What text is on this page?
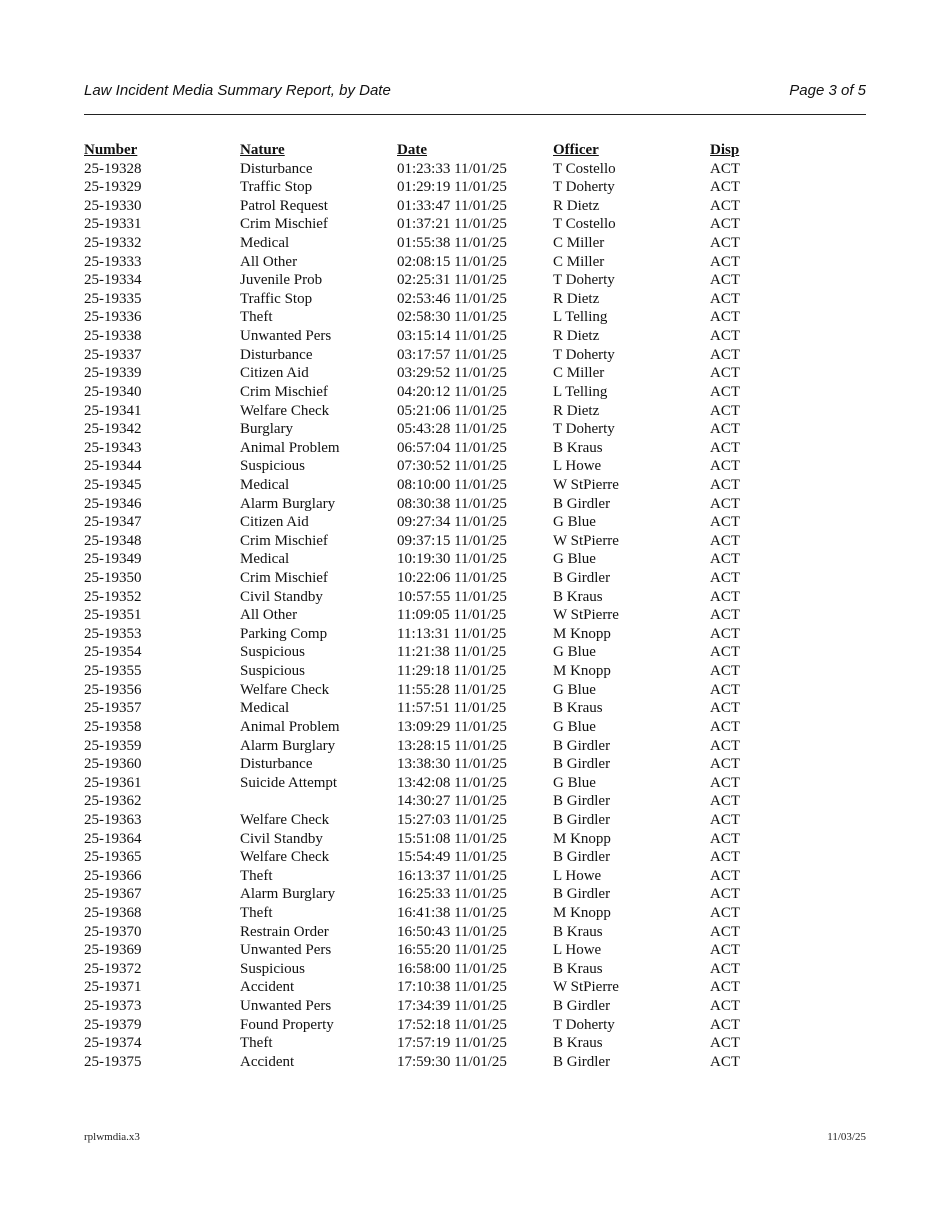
Law Incident Media Summary Report, by Date	Page 3 of 5
Number	Nature	Date	Officer	Disp
25-19328	Disturbance	01:23:33 11/01/25	T Costello	ACT
25-19329	Traffic Stop	01:29:19 11/01/25	T Doherty	ACT
25-19330	Patrol Request	01:33:47 11/01/25	R Dietz	ACT
25-19331	Crim Mischief	01:37:21 11/01/25	T Costello	ACT
25-19332	Medical	01:55:38 11/01/25	C Miller	ACT
25-19333	All Other	02:08:15 11/01/25	C Miller	ACT
25-19334	Juvenile Prob	02:25:31 11/01/25	T Doherty	ACT
25-19335	Traffic Stop	02:53:46 11/01/25	R Dietz	ACT
25-19336	Theft	02:58:30 11/01/25	L Telling	ACT
25-19338	Unwanted Pers	03:15:14 11/01/25	R Dietz	ACT
25-19337	Disturbance	03:17:57 11/01/25	T Doherty	ACT
25-19339	Citizen Aid	03:29:52 11/01/25	C Miller	ACT
25-19340	Crim Mischief	04:20:12 11/01/25	L Telling	ACT
25-19341	Welfare Check	05:21:06 11/01/25	R Dietz	ACT
25-19342	Burglary	05:43:28 11/01/25	T Doherty	ACT
25-19343	Animal Problem	06:57:04 11/01/25	B Kraus	ACT
25-19344	Suspicious	07:30:52 11/01/25	L Howe	ACT
25-19345	Medical	08:10:00 11/01/25	W StPierre	ACT
25-19346	Alarm Burglary	08:30:38 11/01/25	B Girdler	ACT
25-19347	Citizen Aid	09:27:34 11/01/25	G Blue	ACT
25-19348	Crim Mischief	09:37:15 11/01/25	W StPierre	ACT
25-19349	Medical	10:19:30 11/01/25	G Blue	ACT
25-19350	Crim Mischief	10:22:06 11/01/25	B Girdler	ACT
25-19352	Civil Standby	10:57:55 11/01/25	B Kraus	ACT
25-19351	All Other	11:09:05 11/01/25	W StPierre	ACT
25-19353	Parking Comp	11:13:31 11/01/25	M Knopp	ACT
25-19354	Suspicious	11:21:38 11/01/25	G Blue	ACT
25-19355	Suspicious	11:29:18 11/01/25	M Knopp	ACT
25-19356	Welfare Check	11:55:28 11/01/25	G Blue	ACT
25-19357	Medical	11:57:51 11/01/25	B Kraus	ACT
25-19358	Animal Problem	13:09:29 11/01/25	G Blue	ACT
25-19359	Alarm Burglary	13:28:15 11/01/25	B Girdler	ACT
25-19360	Disturbance	13:38:30 11/01/25	B Girdler	ACT
25-19361	Suicide Attempt	13:42:08 11/01/25	G Blue	ACT
25-19362		14:30:27 11/01/25	B Girdler	ACT
25-19363	Welfare Check	15:27:03 11/01/25	B Girdler	ACT
25-19364	Civil Standby	15:51:08 11/01/25	M Knopp	ACT
25-19365	Welfare Check	15:54:49 11/01/25	B Girdler	ACT
25-19366	Theft	16:13:37 11/01/25	L Howe	ACT
25-19367	Alarm Burglary	16:25:33 11/01/25	B Girdler	ACT
25-19368	Theft	16:41:38 11/01/25	M Knopp	ACT
25-19370	Restrain Order	16:50:43 11/01/25	B Kraus	ACT
25-19369	Unwanted Pers	16:55:20 11/01/25	L Howe	ACT
25-19372	Suspicious	16:58:00 11/01/25	B Kraus	ACT
25-19371	Accident	17:10:38 11/01/25	W StPierre	ACT
25-19373	Unwanted Pers	17:34:39 11/01/25	B Girdler	ACT
25-19379	Found Property	17:52:18 11/01/25	T Doherty	ACT
25-19374	Theft	17:57:19 11/01/25	B Kraus	ACT
25-19375	Accident	17:59:30 11/01/25	B Girdler	ACT
rplwmdia.x3	11/03/25
